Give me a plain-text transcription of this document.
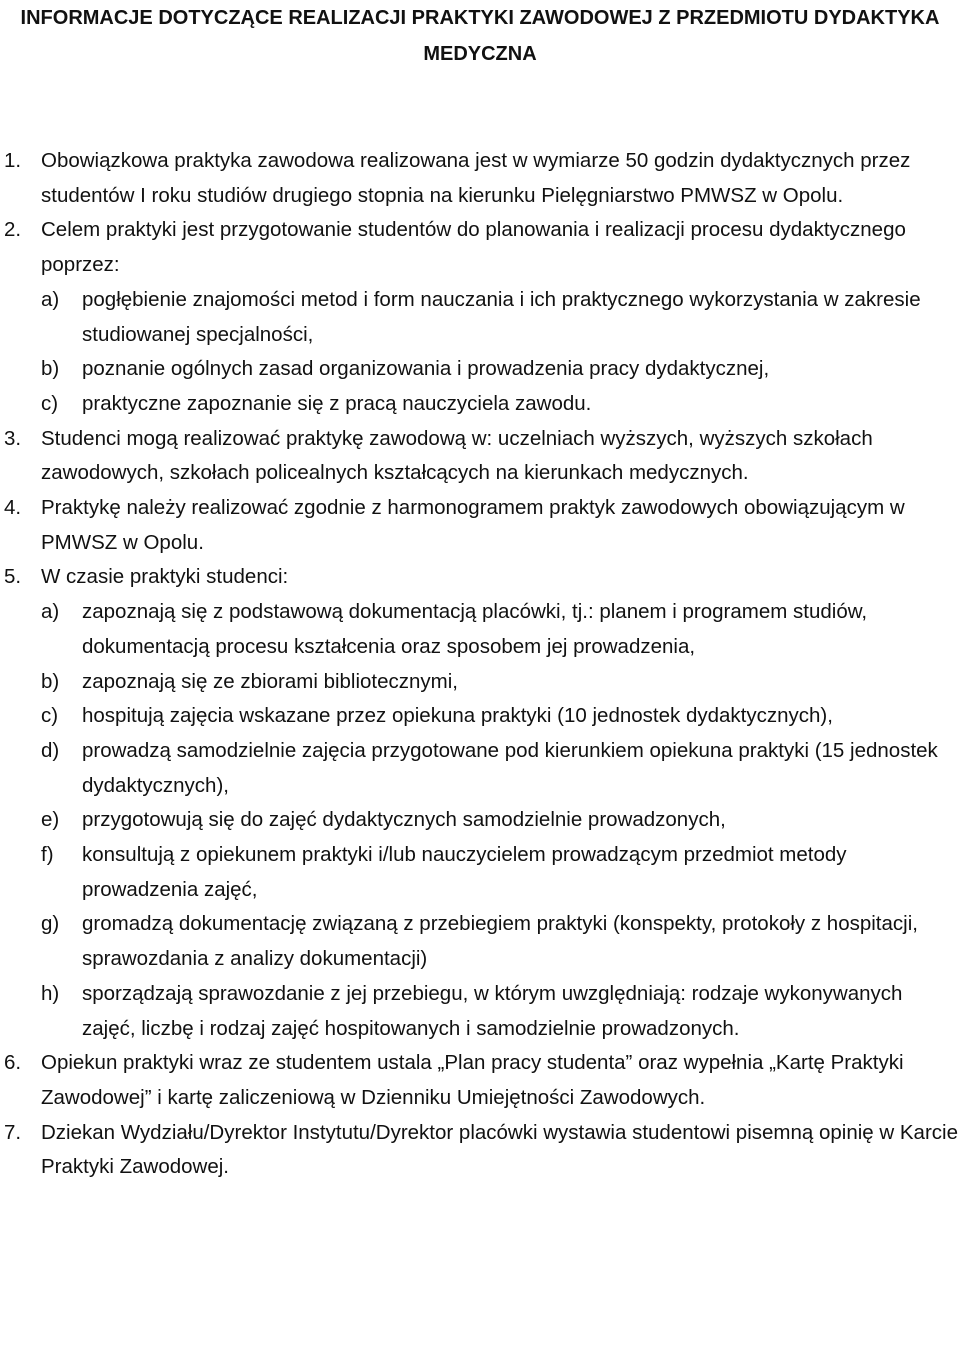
INFORMACJE DOTYCZĄCE REALIZACJI PRAKTYKI ZAWODOWEJ Z PRZEDMIOTU DYDAKTYKA MEDYCZNA
1. Obowiązkowa praktyka zawodowa realizowana jest w wymiarze 50 godzin dydaktycznych przez studentów I roku studiów drugiego stopnia na kierunku Pielęgniarstwo PMWSZ w Opolu.
2. Celem praktyki jest przygotowanie studentów do planowania i realizacji procesu dydaktycznego poprzez:
a) pogłębienie znajomości metod i form nauczania i ich praktycznego wykorzystania w zakresie studiowanej specjalności,
b) poznanie ogólnych zasad organizowania i prowadzenia pracy dydaktycznej,
c) praktyczne zapoznanie się z pracą nauczyciela zawodu.
3. Studenci mogą realizować praktykę zawodową w: uczelniach wyższych, wyższych szkołach zawodowych, szkołach policealnych kształcących na kierunkach medycznych.
4. Praktykę należy realizować zgodnie z harmonogramem praktyk zawodowych obowiązującym w PMWSZ w Opolu.
5. W czasie praktyki studenci:
a) zapoznają się z podstawową dokumentacją placówki, tj.: planem i programem studiów, dokumentacją procesu kształcenia oraz sposobem jej prowadzenia,
b) zapoznają się ze zbiorami bibliotecznymi,
c) hospitują zajęcia wskazane przez opiekuna praktyki (10 jednostek dydaktycznych),
d) prowadzą samodzielnie zajęcia przygotowane pod kierunkiem opiekuna praktyki (15 jednostek dydaktycznych),
e) przygotowują się do zajęć dydaktycznych samodzielnie prowadzonych,
f) konsultują z opiekunem praktyki i/lub nauczycielem prowadzącym przedmiot metody prowadzenia zajęć,
g) gromadzą dokumentację związaną z przebiegiem praktyki (konspekty, protokoły z hospitacji, sprawozdania z analizy dokumentacji)
h) sporządzają sprawozdanie z jej przebiegu, w którym uwzględniają: rodzaje wykonywanych zajęć, liczbę i rodzaj zajęć hospitowanych i samodzielnie prowadzonych.
6. Opiekun praktyki wraz ze studentem ustala „Plan pracy studenta” oraz wypełnia „Kartę Praktyki Zawodowej” i kartę zaliczeniową w Dzienniku Umiejętności Zawodowych.
7. Dziekan Wydziału/Dyrektor Instytutu/Dyrektor placówki wystawia studentowi pisemną opinię w Karcie Praktyki Zawodowej.
